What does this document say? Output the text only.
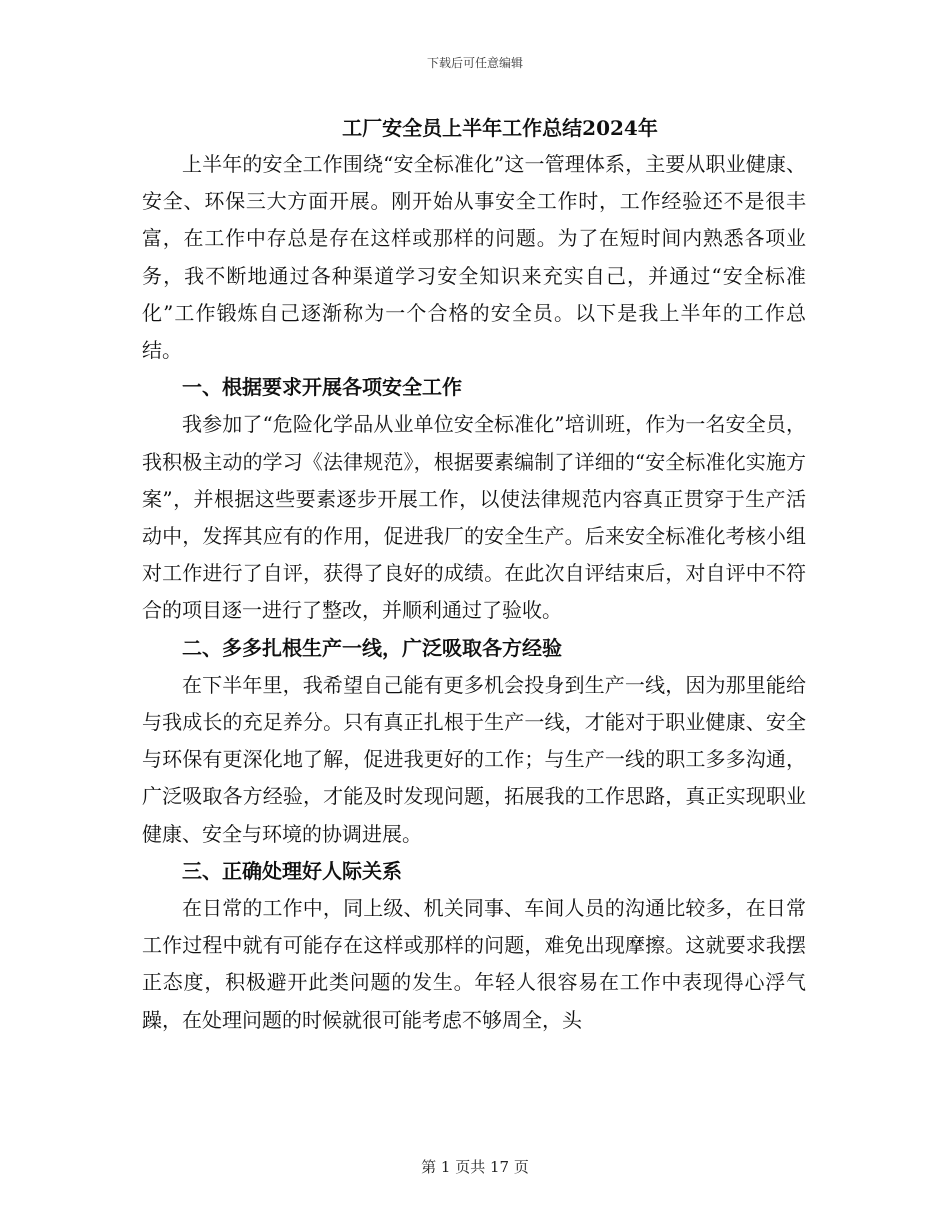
下载后可任意编辑
工厂安全员上半年工作总结2024年

上半年的安全工作围绕“安全标准化”这一管理体系，主要从职业健康、安全、环保三大方面开展。刚开始从事安全工作时，工作经验还不是很丰富，在工作中存总是存在这样或那样的问题。为了在短时间内熟悉各项业务，我不断地通过各种渠道学习安全知识来充实自己，并通过“安全标准化”工作锻炼自己逐渐称为一个合格的安全员。以下是我上半年的工作总结。

一、根据要求开展各项安全工作

我参加了“危险化学品从业单位安全标准化”培训班，作为一名安全员，我积极主动的学习《法律规范》，根据要素编制了详细的“安全标准化实施方案”，并根据这些要素逐步开展工作，以使法律规范内容真正贯穿于生产活动中，发挥其应有的作用，促进我厂的安全生产。后来安全标准化考核小组对工作进行了自评，获得了良好的成绩。在此次自评结束后，对自评中不符合的项目逐一进行了整改，并顺利通过了验收。

二、多多扎根生产一线，广泛吸取各方经验

在下半年里，我希望自己能有更多机会投身到生产一线，因为那里能给与我成长的充足养分。只有真正扎根于生产一线，才能对于职业健康、安全与环保有更深化地了解，促进我更好的工作；与生产一线的职工多多沟通，广泛吸取各方经验，才能及时发现问题，拓展我的工作思路，真正实现职业健康、安全与环境的协调进展。

三、正确处理好人际关系

在日常的工作中，同上级、机关同事、车间人员的沟通比较多，在日常工作过程中就有可能存在这样或那样的问题，难免出现摩擦。这就要求我摆正态度，积极避开此类问题的发生。年轻人很容易在工作中表现得心浮气躁，在处理问题的时候就很可能考虑不够周全，头

第 1 页共 17 页
